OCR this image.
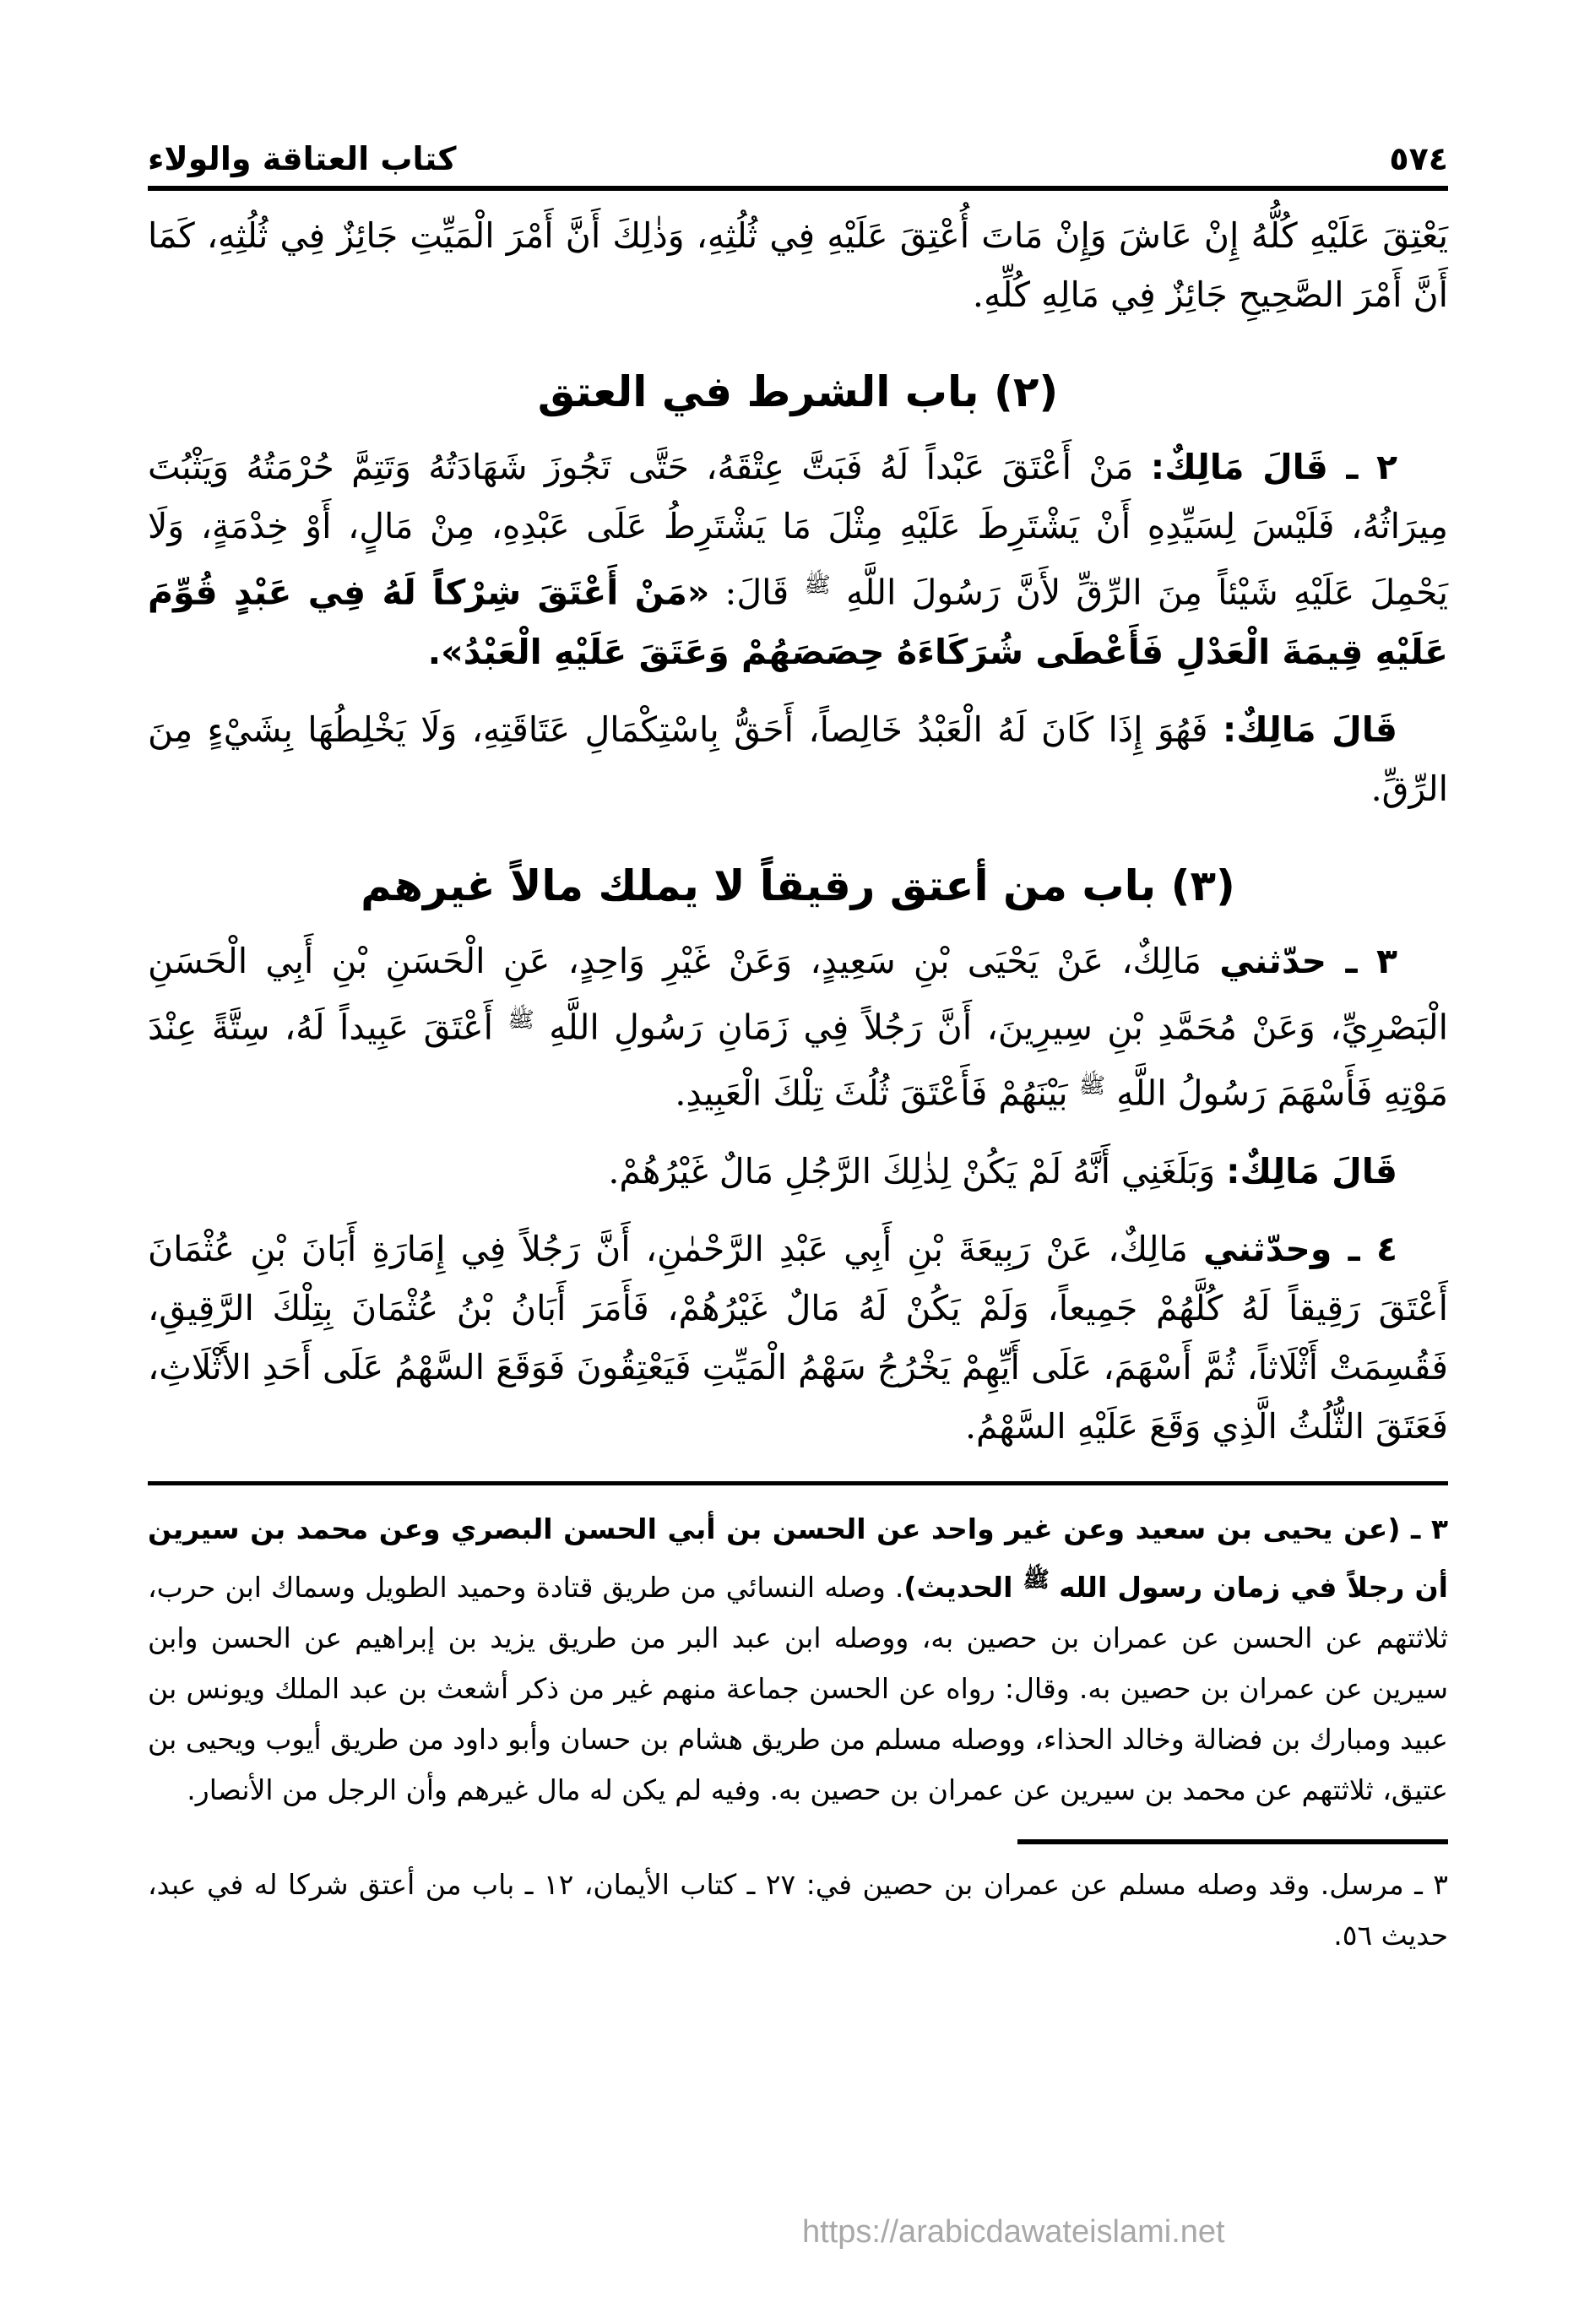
٥٧٤
كتاب العتاقة والولاء

يَعْتِقَ عَلَيْهِ كُلُّهُ إِنْ عَاشَ وَإِنْ مَاتَ أُعْتِقَ عَلَيْهِ فِي ثُلُثِهِ، وَذٰلِكَ أَنَّ أَمْرَ الْمَيِّتِ جَائِزٌ فِي ثُلُثِهِ، كَمَا أَنَّ أَمْرَ الصَّحِيحِ جَائِزٌ فِي مَالِهِ كُلِّهِ.

(٢) باب الشرط في العتق

٢ ـ قَالَ مَالِكٌ: مَنْ أَعْتَقَ عَبْداً لَهُ فَبَتَّ عِتْقَهُ، حَتَّى تَجُوزَ شَهَادَتُهُ وَتَتِمَّ حُرْمَتُهُ وَيَثْبُتَ مِيرَاثُهُ، فَلَيْسَ لِسَيِّدِهِ أَنْ يَشْتَرِطَ عَلَيْهِ مِثْلَ مَا يَشْتَرِطُ عَلَى عَبْدِهِ، مِنْ مَالٍ، أَوْ خِدْمَةٍ، وَلَا يَحْمِلَ عَلَيْهِ شَيْئاً مِنَ الرِّقِّ لأَنَّ رَسُولَ اللَّهِ $^ﷺ$ قَالَ: «مَنْ أَعْتَقَ شِرْكاً لَهُ فِي عَبْدٍ قُوِّمَ عَلَيْهِ قِيمَةَ الْعَدْلِ فَأَعْطَى شُرَكَاءَهُ حِصَصَهُمْ وَعَتَقَ عَلَيْهِ الْعَبْدُ».

قَالَ مَالِكٌ: فَهُوَ إِذَا كَانَ لَهُ الْعَبْدُ خَالِصاً، أَحَقُّ بِاسْتِكْمَالِ عَتَاقَتِهِ، وَلَا يَخْلِطُهَا بِشَيْءٍ مِنَ الرِّقِّ.

(٣) باب من أعتق رقيقاً لا يملك مالاً غيرهم

٣ ـ حدّثني مَالِكٌ، عَنْ يَحْيَى بْنِ سَعِيدٍ، وَعَنْ غَيْرِ وَاحِدٍ، عَنِ الْحَسَنِ بْنِ أَبِي الْحَسَنِ الْبَصْرِيِّ، وَعَنْ مُحَمَّدِ بْنِ سِيرِينَ، أَنَّ رَجُلاً فِي زَمَانِ رَسُولِ اللَّهِ $^ﷺ$ أَعْتَقَ عَبِيداً لَهُ، سِتَّةً عِنْدَ مَوْتِهِ فَأَسْهَمَ رَسُولُ اللَّهِ $^ﷺ$ بَيْنَهُمْ فَأَعْتَقَ ثُلُثَ تِلْكَ الْعَبِيدِ.

قَالَ مَالِكٌ: وَبَلَغَنِي أَنَّهُ لَمْ يَكُنْ لِذٰلِكَ الرَّجُلِ مَالٌ غَيْرُهُمْ.

٤ ـ وحدّثني مَالِكٌ، عَنْ رَبِيعَةَ بْنِ أَبِي عَبْدِ الرَّحْمٰنِ، أَنَّ رَجُلاً فِي إِمَارَةِ أَبَانَ بْنِ عُثْمَانَ أَعْتَقَ رَقِيقاً لَهُ كُلَّهُمْ جَمِيعاً، وَلَمْ يَكُنْ لَهُ مَالٌ غَيْرُهُمْ، فَأَمَرَ أَبَانُ بْنُ عُثْمَانَ بِتِلْكَ الرَّقِيقِ، فَقُسِمَتْ أَثْلَاثاً، ثُمَّ أَسْهَمَ، عَلَى أَيِّهِمْ يَخْرُجُ سَهْمُ الْمَيِّتِ فَيَعْتِقُونَ فَوَقَعَ السَّهْمُ عَلَى أَحَدِ الأَثْلَاثِ، فَعَتَقَ الثُّلُثُ الَّذِي وَقَعَ عَلَيْهِ السَّهْمُ.

٣ ـ (عن يحيى بن سعيد وعن غير واحد عن الحسن بن أبي الحسن البصري وعن محمد بن سيرين أن رجلاً في زمان رسول الله $^ﷺ$ الحديث). وصله النسائي من طريق قتادة وحميد الطويل وسماك ابن حرب، ثلاثتهم عن الحسن عن عمران بن حصين به، ووصله ابن عبد البر من طريق يزيد بن إبراهيم عن الحسن وابن سيرين عن عمران بن حصين به. وقال: رواه عن الحسن جماعة منهم غير من ذكر أشعث بن عبد الملك ويونس بن عبيد ومبارك بن فضالة وخالد الحذاء، ووصله مسلم من طريق هشام بن حسان وأبو داود من طريق أيوب ويحيى بن عتيق، ثلاثتهم عن محمد بن سيرين عن عمران بن حصين به. وفيه لم يكن له مال غيرهم وأن الرجل من الأنصار.

٣ ـ مرسل. وقد وصله مسلم عن عمران بن حصين في: ٢٧ ـ كتاب الأيمان، ١٢ ـ باب من أعتق شركا له في عبد، حديث ٥٦.

https://arabicdawateislami.net
